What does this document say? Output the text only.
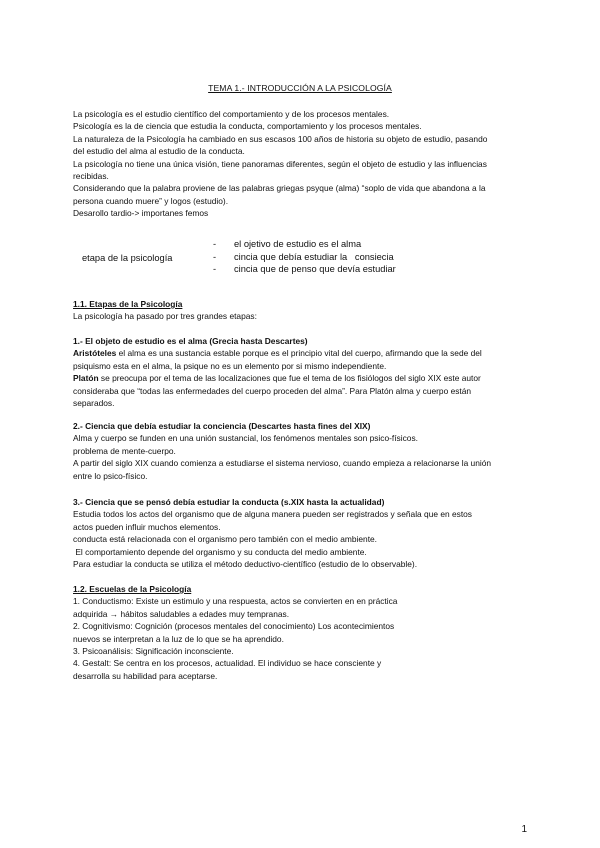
TEMA 1.- INTRODUCCIÓN A LA PSICOLOGÍA

La psicología es el estudio científico del comportamiento y de los procesos mentales.

Psicología es la de ciencia que estudia la conducta, comportamiento y los procesos mentales.

La naturaleza de la Psicología ha cambiado en sus escasos 100 años de historia su objeto de estudio, pasando

del estudio del alma al estudio de la conducta.

La psicología no tiene una única visión, tiene panoramas diferentes, según el objeto de estudio y las influencias

recibidas.

Considerando que la palabra proviene de las palabras griegas psyque (alma) “soplo de vida que abandona a la

persona cuando muere” y logos (estudio).

Desarollo tardio-> importanes femos

etapa de la psicología
-	el ojetivo de estudio es el alma
-	cincia que debía estudiar la   consiecia
-	cincia que de penso que devía estudiar

1.1. Etapas de la Psicología

La psicología ha pasado por tres grandes etapas:

1.- El objeto de estudio es el alma (Grecia hasta Descartes)

Aristóteles el alma es una sustancia estable porque es el principio vital del cuerpo, afirmando que la sede del

psiquismo esta en el alma, la psique no es un elemento por si mismo independiente.

Platón se preocupa por el tema de las localizaciones que fue el tema de los fisiólogos del siglo XIX este autor

consideraba que “todas las enfermedades del cuerpo proceden del alma”. Para Platón alma y cuerpo están

separados.

2.- Ciencia que debía estudiar la conciencia (Descartes hasta fines del XIX)

Alma y cuerpo se funden en una unión sustancial, los fenómenos mentales son psico-físicos.

problema de mente-cuerpo.

A partir del siglo XIX cuando comienza a estudiarse el sistema nervioso, cuando empieza a relacionarse la unión

entre lo psico-físico.

3.- Ciencia que se pensó debía estudiar la conducta (s.XIX hasta la actualidad)

Estudia todos los actos del organismo que de alguna manera pueden ser registrados y señala que en estos

actos pueden influir muchos elementos.

conducta está relacionada con el organismo pero también con el medio ambiente.

El comportamiento depende del organismo y su conducta del medio ambiente.

Para estudiar la conducta se utiliza el método deductivo-científico (estudio de lo observable).

1.2. Escuelas de la Psicología

1. Conductismo: Existe un estimulo y una respuesta, actos se convierten en en práctica

adquirida → hábitos saludables a edades muy tempranas.

2. Cognitivismo: Cognición (procesos mentales del conocimiento) Los acontecimientos

nuevos se interpretan a la luz de lo que se ha aprendido.

3. Psicoanálisis: Significación inconsciente.

4. Gestalt: Se centra en los procesos, actualidad. El individuo se hace consciente y

desarrolla su habilidad para aceptarse.

1
